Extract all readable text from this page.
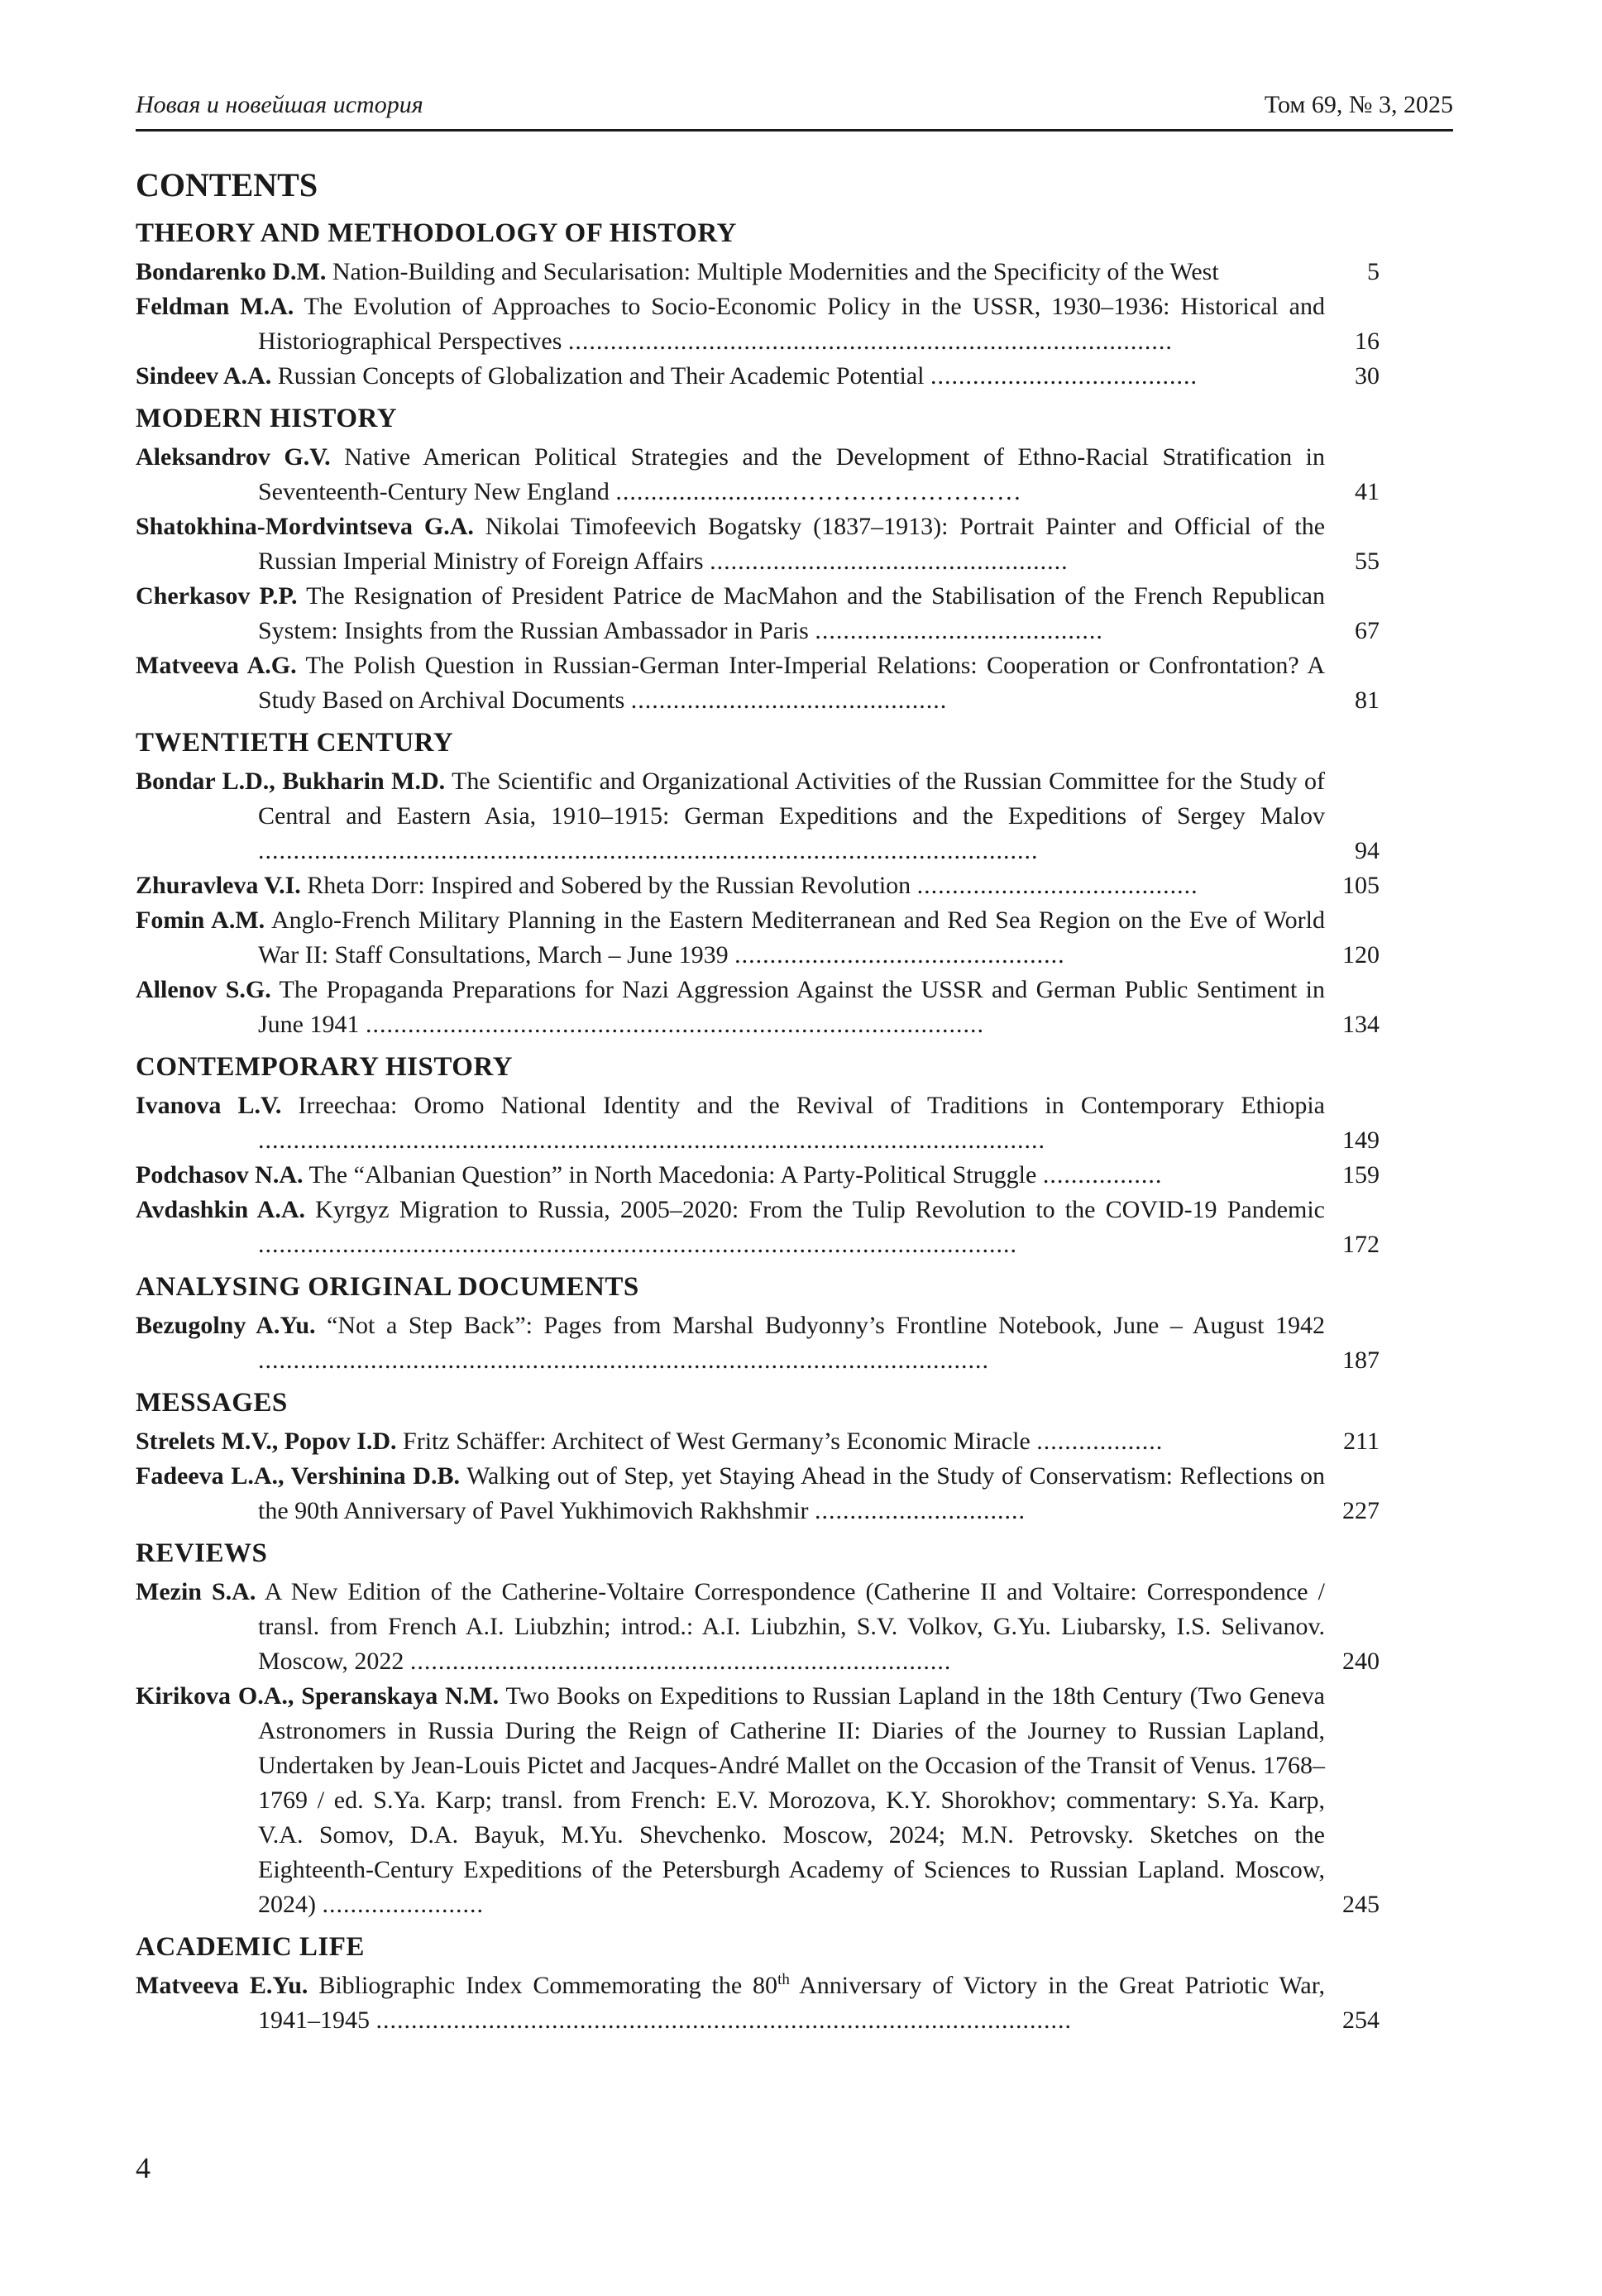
Новая и новейшая история	Том 69, № 3, 2025
CONTENTS
THEORY AND METHODOLOGY OF HISTORY
Bondarenko D.M. Nation-Building and Secularisation: Multiple Modernities and the Specificity of the West	5
Feldman M.A. The Evolution of Approaches to Socio-Economic Policy in the USSR, 1930–1936: Historical and Historiographical Perspectives ......................................................................................	16
Sindeev A.A. Russian Concepts of Globalization and Their Academic Potential ......................................	30
MODERN HISTORY
Aleksandrov G.V. Native American Political Strategies and the Development of Ethno-Racial Stratification in Seventeenth-Century New England .........................………………………	41
Shatokhina-Mordvintseva G.A. Nikolai Timofeevich Bogatsky (1837–1913): Portrait Painter and Official of the Russian Imperial Ministry of Foreign Affairs ...................................................	55
Cherkasov P.P. The Resignation of President Patrice de MacMahon and the Stabilisation of the French Republican System: Insights from the Russian Ambassador in Paris .........................................	67
Matveeva A.G. The Polish Question in Russian-German Inter-Imperial Relations: Cooperation or Confrontation? A Study Based on Archival Documents .............................................	81
TWENTIETH CENTURY
Bondar L.D., Bukharin M.D. The Scientific and Organizational Activities of the Russian Committee for the Study of Central and Eastern Asia, 1910–1915: German Expeditions and the Expeditions of Sergey Malov ...............................................................................................................	94
Zhuravleva V.I. Rheta Dorr: Inspired and Sobered by the Russian Revolution ........................................	105
Fomin A.M. Anglo-French Military Planning in the Eastern Mediterranean and Red Sea Region on the Eve of World War II: Staff Consultations, March – June 1939 ...............................................	120
Allenov S.G. The Propaganda Preparations for Nazi Aggression Against the USSR and German Public Sentiment in June 1941 ........................................................................................	134
CONTEMPORARY HISTORY
Ivanova L.V. Irreechaa: Oromo National Identity and the Revival of Traditions in Contemporary Ethiopia ................................................................................................................	149
Podchasov N.A. The “Albanian Question” in North Macedonia: A Party-Political Struggle .................	159
Avdashkin A.A. Kyrgyz Migration to Russia, 2005–2020: From the Tulip Revolution to the COVID-19 Pandemic ............................................................................................................	172
ANALYSING ORIGINAL DOCUMENTS
Bezugolny A.Yu. “Not a Step Back”: Pages from Marshal Budyonny’s Frontline Notebook, June – August 1942 ........................................................................................................	187
MESSAGES
Strelets M.V., Popov I.D. Fritz Schäffer: Architect of West Germany’s Economic Miracle ..................	211
Fadeeva L.A., Vershinina D.B. Walking out of Step, yet Staying Ahead in the Study of Conservatism: Reflections on the 90th Anniversary of Pavel Yukhimovich Rakhshmir ..............................	227
REVIEWS
Mezin S.A. A New Edition of the Catherine-Voltaire Correspondence (Catherine II and Voltaire: Correspondence / transl. from French A.I. Liubzhin; introd.: A.I. Liubzhin, S.V. Volkov, G.Yu. Liubarsky, I.S. Selivanov. Moscow, 2022 .............................................................................	240
Kirikova O.A., Speranskaya N.M. Two Books on Expeditions to Russian Lapland in the 18th Century (Two Geneva Astronomers in Russia During the Reign of Catherine II: Diaries of the Journey to Russian Lapland, Undertaken by Jean-Louis Pictet and Jacques-André Mallet on the Occasion of the Transit of Venus. 1768–1769 / ed. S.Ya. Karp; transl. from French: E.V. Morozova, K.Y. Shorokhov; commentary: S.Ya. Karp, V.A. Somov, D.A. Bayuk, M.Yu. Shevchenko. Moscow, 2024; M.N. Petrovsky. Sketches on the Eighteenth-Century Expeditions of the Petersburgh Academy of Sciences to Russian Lapland. Moscow, 2024) .......................	245
ACADEMIC LIFE
Matveeva E.Yu. Bibliographic Index Commemorating the 80th Anniversary of Victory in the Great Patriotic War, 1941–1945 ...................................................................................................	254
4
